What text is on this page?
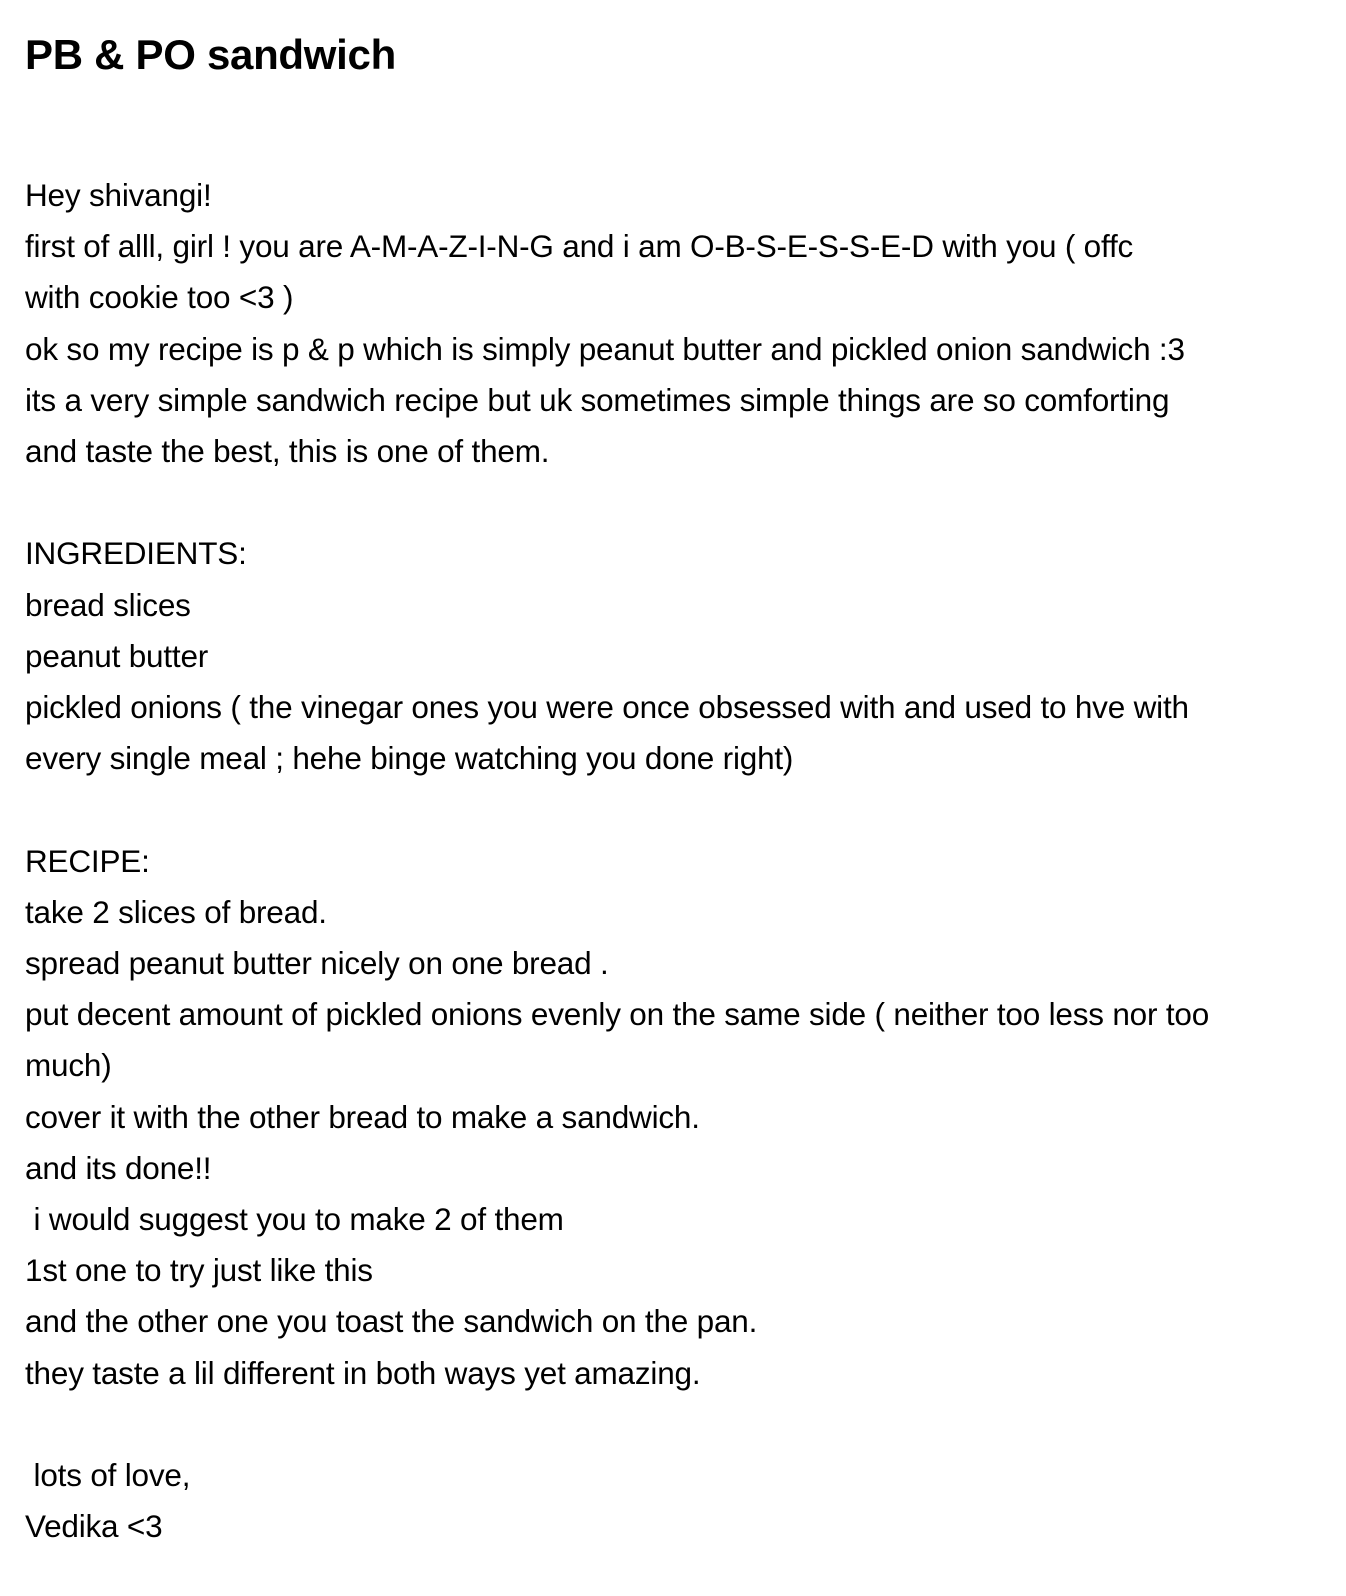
PB & PO sandwich
Hey shivangi!
first of alll, girl ! you are A-M-A-Z-I-N-G and i am O-B-S-E-S-S-E-D with you ( offc
with cookie too <3 )
ok so my recipe is p & p which is simply peanut butter and pickled onion sandwich :3
its a very simple sandwich recipe but uk sometimes simple things are so comforting
and taste the best, this is one of them.
INGREDIENTS:
bread slices
peanut butter
pickled onions ( the vinegar ones you were once obsessed with and used to hve with
every single meal ; hehe binge watching you done right)
RECIPE:
take 2 slices of bread.
spread peanut butter nicely on one bread .
put decent amount of pickled onions evenly on the same side ( neither too less nor too
much)
cover it with the other bread to make a sandwich.
and its done!!
i would suggest you to make 2 of them
1st one to try just like this
and the other one you toast the sandwich on the pan.
they taste a lil different in both ways yet amazing.
lots of love,
Vedika <3
